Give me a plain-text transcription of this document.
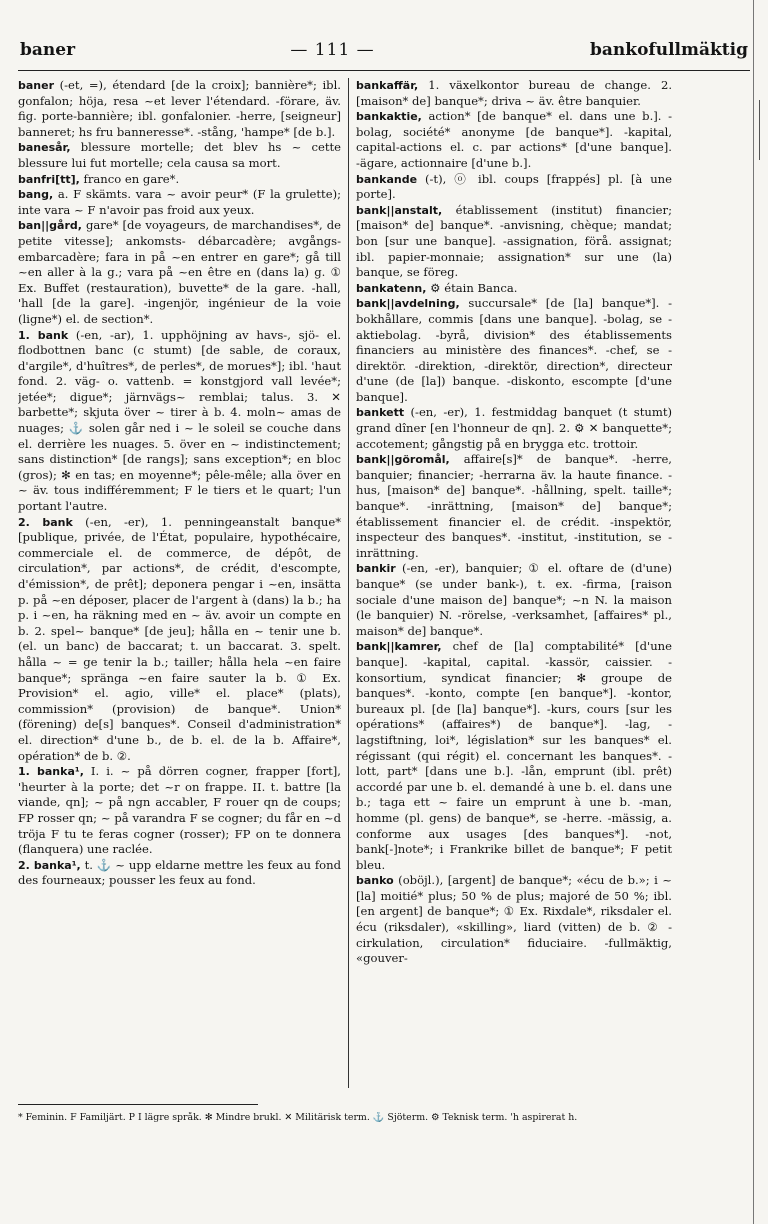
baner	— 111 —	bankofullmäktig

baner (-et, =), étendard [de la croix]; bannière*; ibl. gonfalon; höja, resa ~et lever l'étendard. -förare, äv. fig. porte-bannière; ibl. gonfalonier. -herre, [seigneur] banneret; hs fru banneresse*. -stång, 'hampe* [de b.].

banesår, blessure mortelle; det blev hs ~ cette blessure lui fut mortelle; cela causa sa mort.

banfri[tt], franco en gare*.

bang, a. F skämts. vara ~ avoir peur* (F la grulette); inte vara ~ F n'avoir pas froid aux yeux.

ban||gård, gare* [de voyageurs, de marchandises*, de petite vitesse]; ankomsts- débarcadère; avgångs- embarcadère; fara in på ~en entrer en gare*; gå till ~en aller à la g.; vara på ~en être en (dans la) g. ① Ex. Buffet (restauration), buvette* de la gare. -hall, 'hall [de la gare]. -ingenjör, ingénieur de la voie (ligne*) el. de section*.

1. bank (-en, -ar), 1. upphöjning av havs-, sjö- el. flodbottnen banc (c stumt) [de sable, de coraux, d'argile*, d'huîtres*, de perles*, de morues*]; ibl. 'haut fond. 2. väg- o. vattenb. = konstgjord vall levée*; jetée*; digue*; järnvägs~ remblai; talus. 3. ✕ barbette*; skjuta över ~ tirer à b. 4. moln~ amas de nuages; ⚓ solen går ned i ~ le soleil se couche dans el. derrière les nuages. 5. över en ~ indistinctement; sans distinction* [de rangs]; sans exception*; en bloc (gros); ✻ en tas; en moyenne*; pêle-mêle; alla över en ~ äv. tous indifféremment; F le tiers et le quart; l'un portant l'autre.

2. bank (-en, -er), 1. penningeanstalt banque* [publique, privée, de l'État, populaire, hypothécaire, commerciale el. de commerce, de dépôt, de circulation*, par actions*, de crédit, d'escompte, d'émission*, de prêt]; deponera pengar i ~en, insätta p. på ~en déposer, placer de l'argent à (dans) la b.; ha p. i ~en, ha räkning med en ~ äv. avoir un compte en b. 2. spel~ banque* [de jeu]; hålla en ~ tenir une b. (el. un banc) de baccarat; t. un baccarat. 3. spelt. hålla ~ = ge tenir la b.; tailler; hålla hela ~en faire banque*; spränga ~en faire sauter la b. ① Ex. Provision* el. agio, ville* el. place* (plats), commission* (provision) de banque*. Union* (förening) de[s] banques*. Conseil d'administration* el. direction* d'une b., de b. el. de la b. Affaire*, opération* de b. ②.

1. banka¹, I. i. ~ på dörren cogner, frapper [fort], 'heurter à la porte; det ~r on frappe. II. t. battre [la viande, qn]; ~ på ngn accabler, F rouer qn de coups; FP rosser qn; ~ på varandra F se cogner; du får en ~d tröja F tu te feras cogner (rosser); FP on te donnera (flanquera) une raclée.

2. banka¹, t. ⚓ ~ upp eldarne mettre les feux au fond des fourneaux; pousser les feux au fond.

bankaffär, 1. växelkontor bureau de change. 2. [maison* de] banque*; driva ~ äv. être banquier.

bankaktie, action* [de banque* el. dans une b.]. -bolag, société* anonyme [de banque*]. -kapital, capital-actions el. c. par actions* [d'une banque]. -ägare, actionnaire [d'une b.].

bankande (-t), ⓞ ibl. coups [frappés] pl. [à une porte].

bank||anstalt, établissement (institut) financier; [maison* de] banque*. -anvisning, chèque; mandat; bon [sur une banque]. -assignation, förå. assignat; ibl. papier-monnaie; assignation* sur une (la) banque, se föreg.

bankatenn, ⚙ étain Banca.

bank||avdelning, succursale* [de [la] banque*]. -bokhållare, commis [dans une banque]. -bolag, se -aktiebolag. -byrå, division* des établissements financiers au ministère des finances*. -chef, se -direktör. -direktion, -direktör, direction*, directeur d'une (de [la]) banque. -diskonto, escompte [d'une banque].

bankett (-en, -er), 1. festmiddag banquet (t stumt) grand dîner [en l'honneur de qn]. 2. ⚙ ✕ banquette*; accotement; gångstig på en brygga etc. trottoir.

bank||göromål, affaire[s]* de banque*. -herre, banquier; financier; -herrarna äv. la haute finance. -hus, [maison* de] banque*. -hållning, spelt. taille*; banque*. -inrättning, [maison* de] banque*; établissement financier el. de crédit. -inspektör, inspecteur des banques*. -institut, -institution, se -inrättning.

bankir (-en, -er), banquier; ① el. oftare de (d'une) banque* (se under bank-), t. ex. -firma, [raison sociale d'une maison de] banque*; ~n N. la maison (le banquier) N. -rörelse, -verksamhet, [affaires* pl., maison* de] banque*.

bank||kamrer, chef de [la] comptabilité* [d'une banque]. -kapital, capital. -kassör, caissier. -konsortium, syndicat financier; ✻ groupe de banques*. -konto, compte [en banque*]. -kontor, bureaux pl. [de [la] banque*]. -kurs, cours [sur les opérations* (affaires*) de banque*]. -lag, -lagstiftning, loi*, législation* sur les banques* el. régissant (qui régit) el. concernant les banques*. -lott, part* [dans une b.]. -lån, emprunt (ibl. prêt) accordé par une b. el. demandé à une b. el. dans une b.; taga ett ~ faire un emprunt à une b. -man, homme (pl. gens) de banque*, se -herre. -mässig, a. conforme aux usages [des banques*]. -not, bank[-]note*; i Frankrike billet de banque*; F petit bleu.

banko (oböjl.), [argent] de banque*; «écu de b.»; i ~ [la] moitié* plus; 50 % de plus; majoré de 50 %; ibl. [en argent] de banque*; ① Ex. Rixdale*, riksdaler el. écu (riksdaler), «skilling», liard (vitten) de b. ② -cirkulation, circulation* fiduciaire. -fullmäktig, «gouver-

* Feminin. F Familjärt. P I lägre språk. ✻ Mindre brukl. ✕ Militärisk term. ⚓ Sjöterm. ⚙ Teknisk term. 'h aspirerat h.
